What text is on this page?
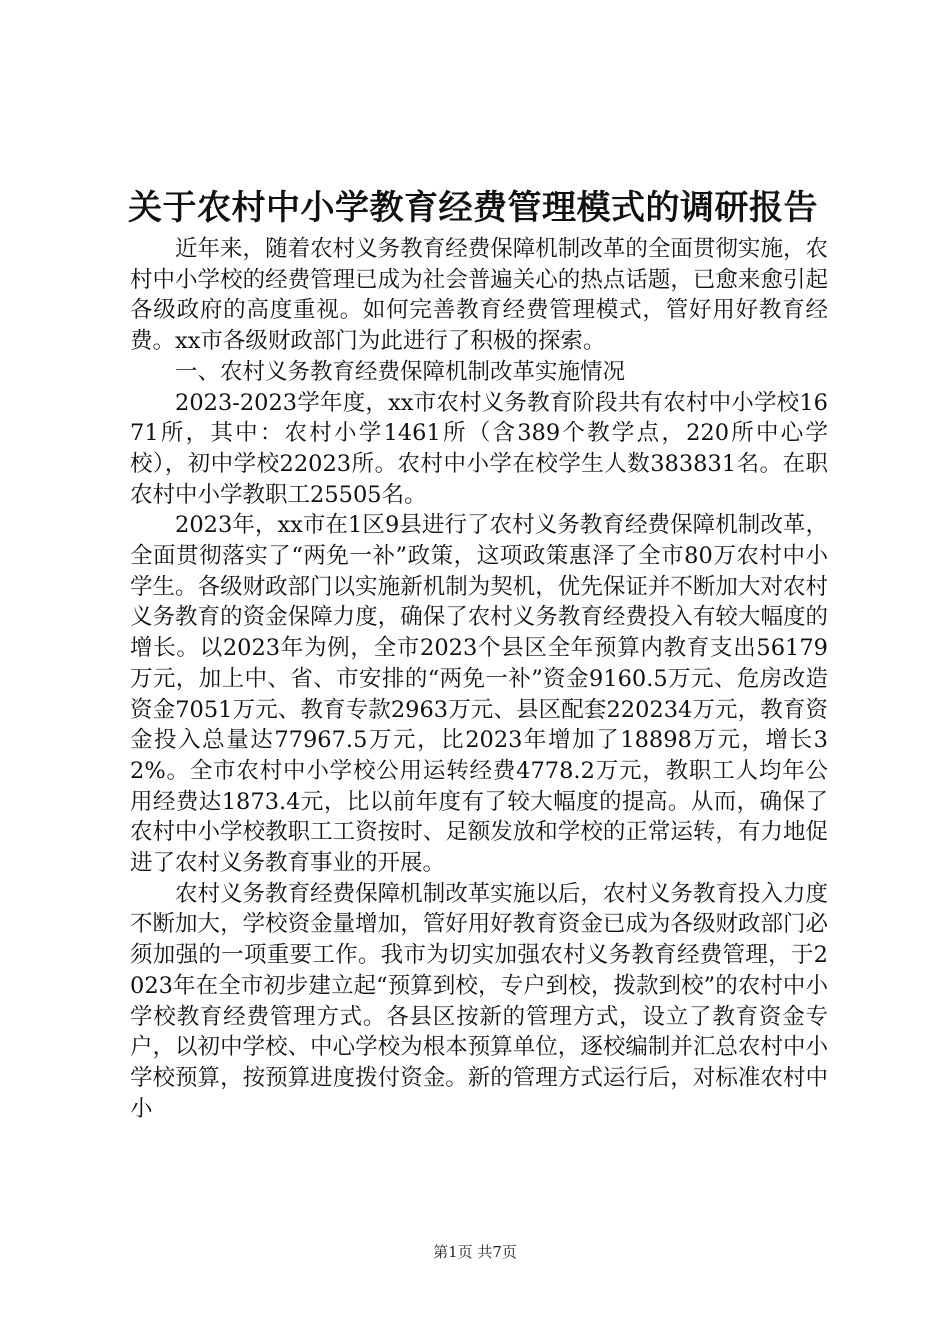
关于农村中小学教育经费管理模式的调研报告

近年来，随着农村义务教育经费保障机制改革的全面贯彻实施，农村中小学校的经费管理已成为社会普遍关心的热点话题，已愈来愈引起各级政府的高度重视。如何完善教育经费管理模式，管好用好教育经费。xx市各级财政部门为此进行了积极的探索。

一、农村义务教育经费保障机制改革实施情况

2023-2023学年度，xx市农村义务教育阶段共有农村中小学校1671所，其中：农村小学1461所（含389个教学点，220所中心学校），初中学校22023所。农村中小学在校学生人数383831名。在职农村中小学教职工25505名。

2023年，xx市在1区9县进行了农村义务教育经费保障机制改革，全面贯彻落实了“两免一补”政策，这项政策惠泽了全市80万农村中小学生。各级财政部门以实施新机制为契机，优先保证并不断加大对农村义务教育的资金保障力度，确保了农村义务教育经费投入有较大幅度的增长。以2023年为例，全市2023个县区全年预算内教育支出56179万元，加上中、省、市安排的“两免一补”资金9160.5万元、危房改造资金7051万元、教育专款2963万元、县区配套220234万元，教育资金投入总量达77967.5万元，比2023年增加了18898万元，增长32%。全市农村中小学校公用运转经费4778.2万元，教职工人均年公用经费达1873.4元，比以前年度有了较大幅度的提高。从而，确保了农村中小学校教职工工资按时、足额发放和学校的正常运转，有力地促进了农村义务教育事业的开展。

农村义务教育经费保障机制改革实施以后，农村义务教育投入力度不断加大，学校资金量增加，管好用好教育资金已成为各级财政部门必须加强的一项重要工作。我市为切实加强农村义务教育经费管理，于2023年在全市初步建立起“预算到校，专户到校，拨款到校”的农村中小学校教育经费管理方式。各县区按新的管理方式，设立了教育资金专户，以初中学校、中心学校为根本预算单位，逐校编制并汇总农村中小学校预算，按预算进度拨付资金。新的管理方式运行后，对标准农村中小

第1页 共7页
